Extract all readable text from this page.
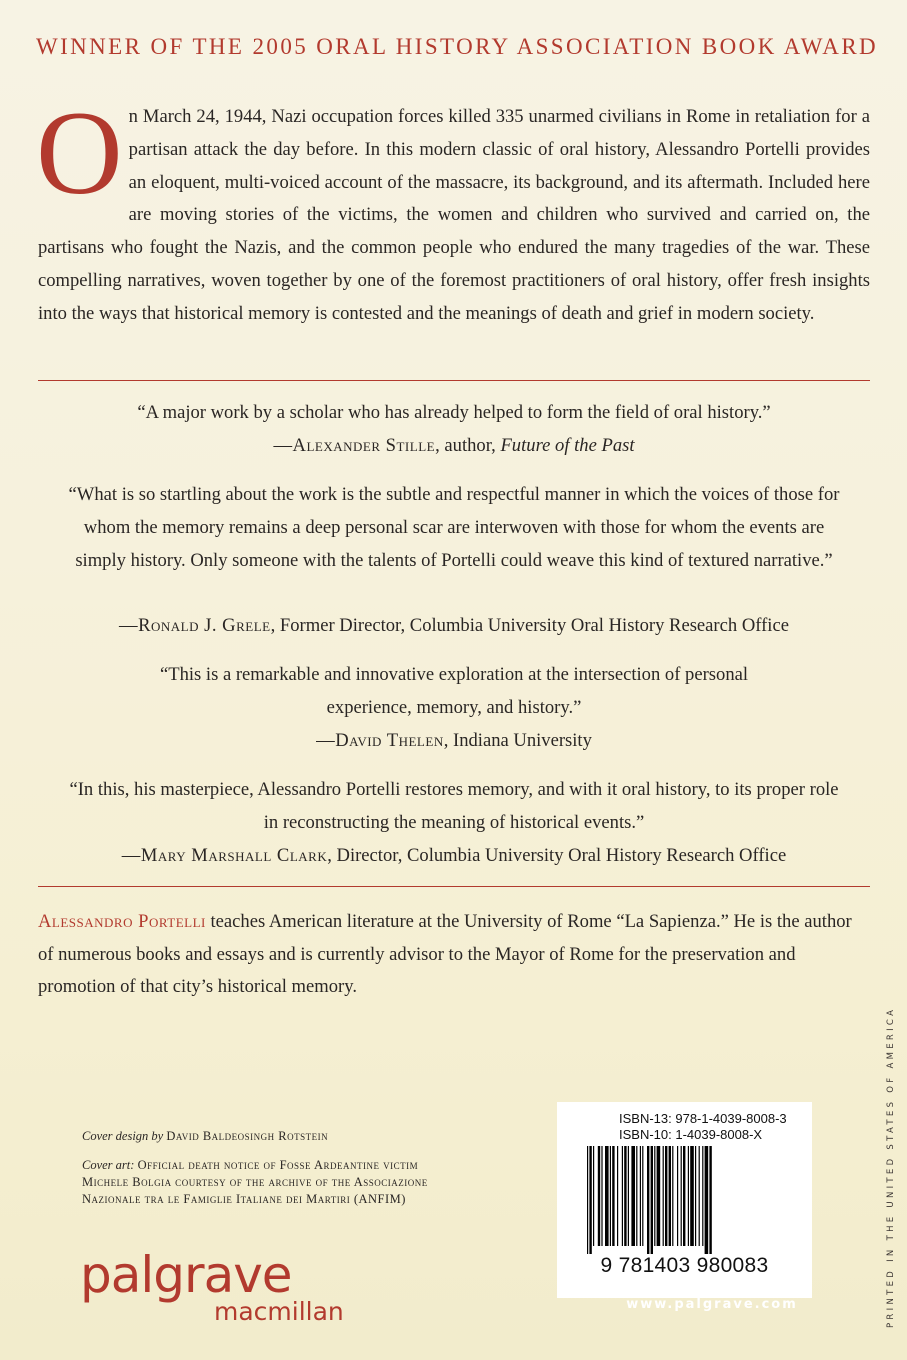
WINNER OF THE 2005 ORAL HISTORY ASSOCIATION BOOK AWARD
O n March 24, 1944, Nazi occupation forces killed 335 unarmed civilians in Rome in retaliation for a partisan attack the day before. In this modern classic of oral history, Alessandro Portelli provides an eloquent, multi-voiced account of the massacre, its background, and its aftermath. Included here are moving stories of the victims, the women and children who survived and carried on, the partisans who fought the Nazis, and the common people who endured the many tragedies of the war. These compelling narratives, woven together by one of the foremost practitioners of oral history, offer fresh insights into the ways that historical memory is contested and the meanings of death and grief in modern society.

“A major work by a scholar who has already helped to form the field of oral history.”

—Alexander Stille, author, Future of the Past

“What is so startling about the work is the subtle and respectful manner in which the voices of those for whom the memory remains a deep personal scar are interwoven with those for whom the events are simply history. Only someone with the talents of Portelli could weave this kind of textured narrative.”

—Ronald J. Grele, Former Director, Columbia University Oral History Research Office

“This is a remarkable and innovative exploration at the intersection of personal experience, memory, and history.”

—David Thelen, Indiana University

“In this, his masterpiece, Alessandro Portelli restores memory, and with it oral history, to its proper role in reconstructing the meaning of historical events.”

—Mary Marshall Clark, Director, Columbia University Oral History Research Office

Alessandro Portelli teaches American literature at the University of Rome “La Sapienza.” He is the author of numerous books and essays and is currently advisor to the Mayor of Rome for the preservation and promotion of that city’s historical memory.

Cover design by David Baldeosingh Rotstein

Cover art: Official death notice of Fosse Ardeantine victim Michele Bolgia courtesy of the archive of the Associazione Nazionale tra le Famiglie Italiane dei Martiri (ANFIM)

palgrave
macmillan
ISBN-13: 978-1-4039-8008-3
ISBN-10: 1-4039-8008-X
9 781403 980083
www.palgrave.com	PRINTED IN THE UNITED STATES OF AMERICA
